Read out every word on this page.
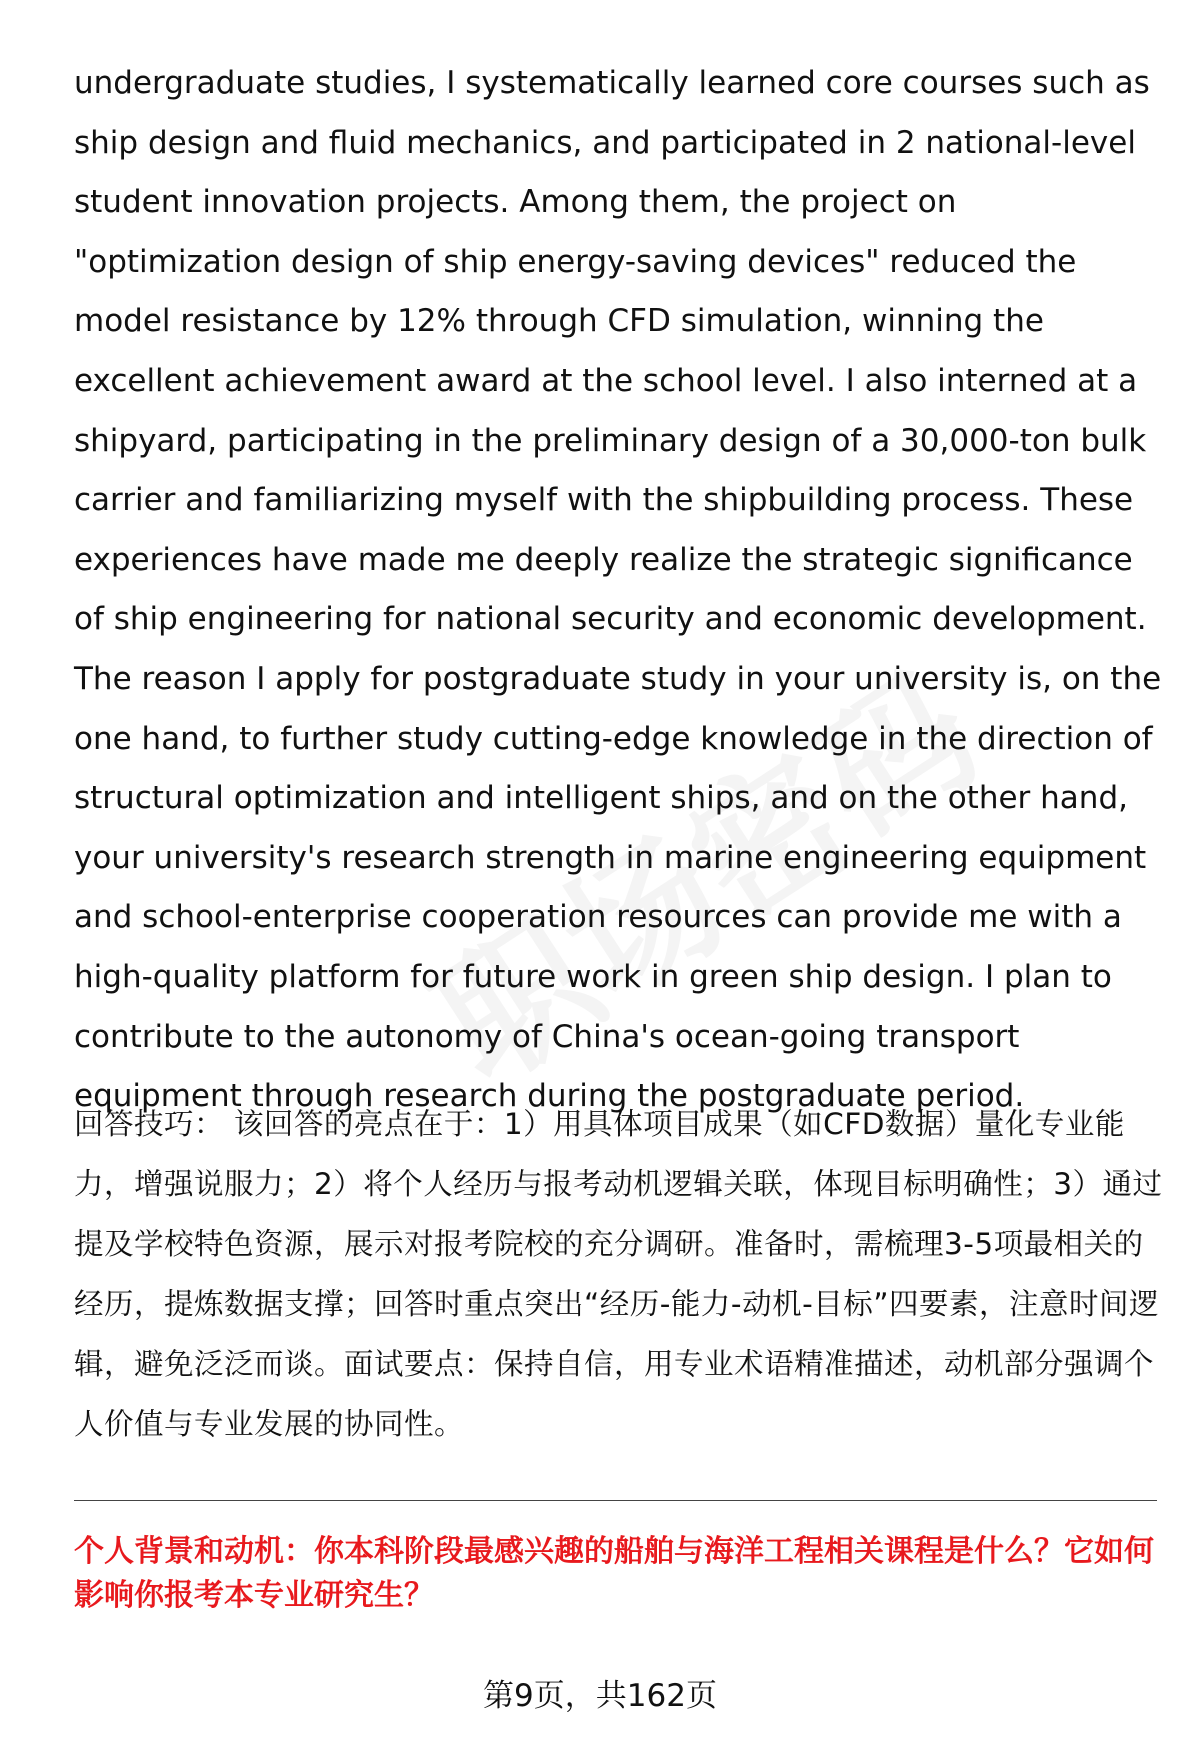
undergraduate studies, I systematically learned core courses such as ship design and fluid mechanics, and participated in 2 national-level student innovation projects. Among them, the project on "optimization design of ship energy-saving devices" reduced the model resistance by 12% through CFD simulation, winning the excellent achievement award at the school level. I also interned at a shipyard, participating in the preliminary design of a 30,000-ton bulk carrier and familiarizing myself with the shipbuilding process. These experiences have made me deeply realize the strategic significance of ship engineering for national security and economic development. The reason I apply for postgraduate study in your university is, on the one hand, to further study cutting-edge knowledge in the direction of structural optimization and intelligent ships, and on the other hand, your university's research strength in marine engineering equipment and school-enterprise cooperation resources can provide me with a high-quality platform for future work in green ship design. I plan to contribute to the autonomy of China's ocean-going transport equipment through research during the postgraduate period.

回答技巧： 该回答的亮点在于：1）用具体项目成果（如CFD数据）量化专业能力，增强说服力；2）将个人经历与报考动机逻辑关联，体现目标明确性；3）通过提及学校特色资源，展示对报考院校的充分调研。准备时，需梳理3-5项最相关的经历，提炼数据支撑；回答时重点突出“经历-能力-动机-目标”四要素，注意时间逻辑，避免泛泛而谈。面试要点：保持自信，用专业术语精准描述，动机部分强调个人价值与专业发展的协同性。

个人背景和动机：你本科阶段最感兴趣的船舶与海洋工程相关课程是什么？它如何影响你报考本专业研究生？

第9页，共162页
